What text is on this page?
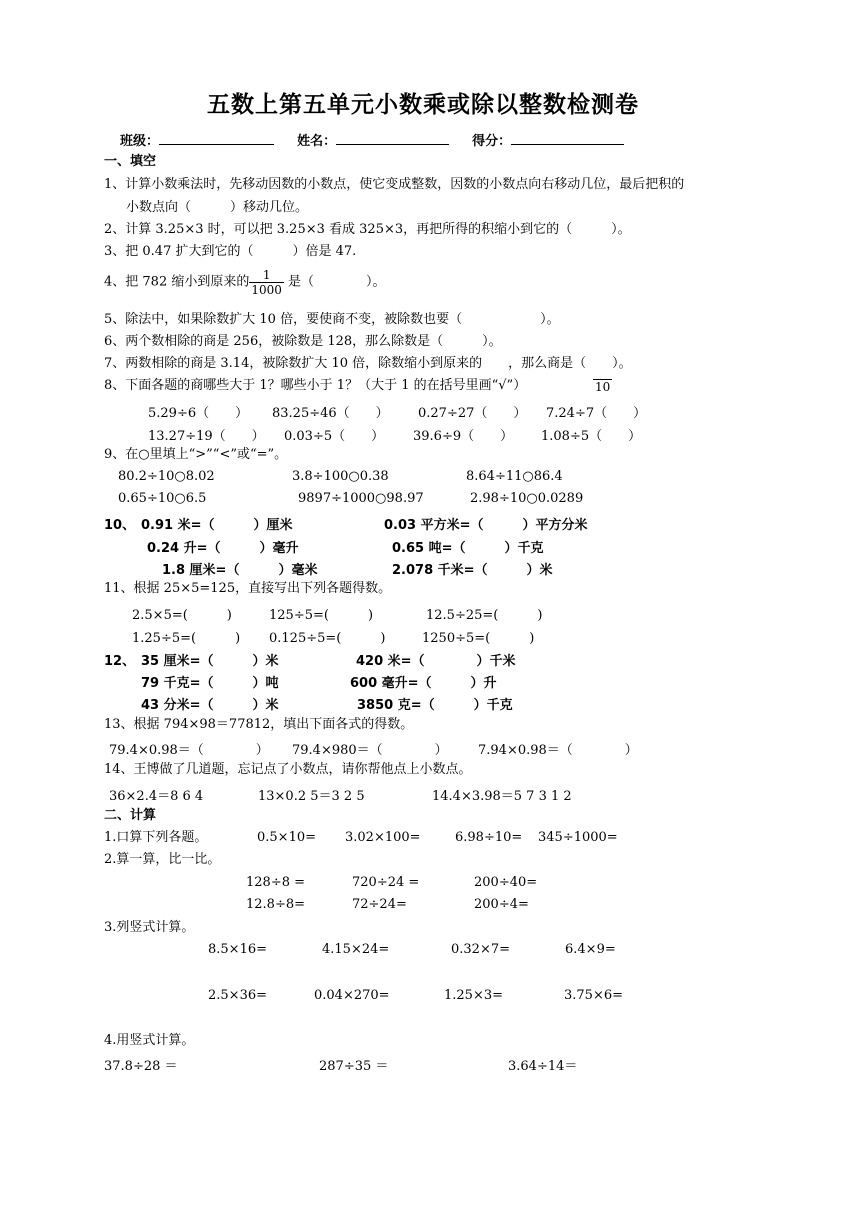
五数上第五单元小数乘或除以整数检测卷
班级：	姓名：	得分：
一、填空
1、计算小数乘法时，先移动因数的小数点，使它变成整数，因数的小数点向右移动几位，最后把积的
小数点向（　　　）移动几位。
2、计算 3.25×3 时，可以把 3.25×3 看成 325×3，再把所得的积缩小到它的（　　　）。
3、把 0.47 扩大到它的（　　　）倍是 47.
4、把 782 缩小到原来的 $\frac{1}{1000}$ 是（　　　　）。
5、除法中，如果除数扩大 10 倍，要使商不变，被除数也要（　　　　　　）。
6、两个数相除的商是 256，被除数是 128，那么除数是（　　　）。
7、两数相除的商是 3.14，被除数扩大 10 倍，除数缩小到原来的　　，那么商是（　　）。
8、下面各题的商哪些大于 1？哪些小于 1？（大于 1 的在括号里画“√”）	10
5.29÷6（　　） 83.25÷46（　　） 0.27÷27（　　） 7.24÷7（　　）
13.27÷19（　　） 0.03÷5（　　） 39.6÷9（　　） 1.08÷5（　　）
9、在○里填上“>”“<”或“=”。
80.2÷10○8.02	3.8÷100○0.38	8.64÷11○86.4
0.65÷10○6.5	9897÷1000○98.97	2.98÷10○0.0289
10、 0.91 米=（　　　）厘米	0.03 平方米=（　　　）平方分米
0.24 升=（　　　）毫升	0.65 吨=（　　　）千克
1.8 厘米=（　　　）毫米	2.078 千米=（　　　）米
11、根据 25×5=125，直接写出下列各题得数。
2.5×5=(　　　)	125÷5=(　　　)	12.5÷25=(　　　)
1.25÷5=(　　　) 0.125÷5=(　　　)	1250÷5=(　　　)
12、 35 厘米=（　　　）米	420 米=（　　　　）千米
79 千克=（　　　）吨	600 毫升=（　　　）升
43 分米=（　　　）米	3850 克=（　　　）千克
13、根据 794×98＝77812，填出下面各式的得数。
79.4×0.98＝（　　　　） 79.4×980＝（　　　　） 7.94×0.98＝（　　　　）
14、王博做了几道题，忘记点了小数点，请你帮他点上小数点。
36×2.4＝8 6 4	13×0.2 5＝3 2 5	14.4×3.98＝5 7 3 1 2
二、计算
1.口算下列各题。	0.5×10= 3.02×100=	6.98÷10= 345÷1000=
2.算一算，比一比。
128÷8 =	720÷24 =	200÷40=
12.8÷8=	72÷24=	200÷4=
3.列竖式计算。
8.5×16=	4.15×24=	0.32×7=	6.4×9=
2.5×36=	0.04×270=	1.25×3=	3.75×6=
4.用竖式计算。
37.8÷28 ＝	287÷35 ＝	3.64÷14＝
